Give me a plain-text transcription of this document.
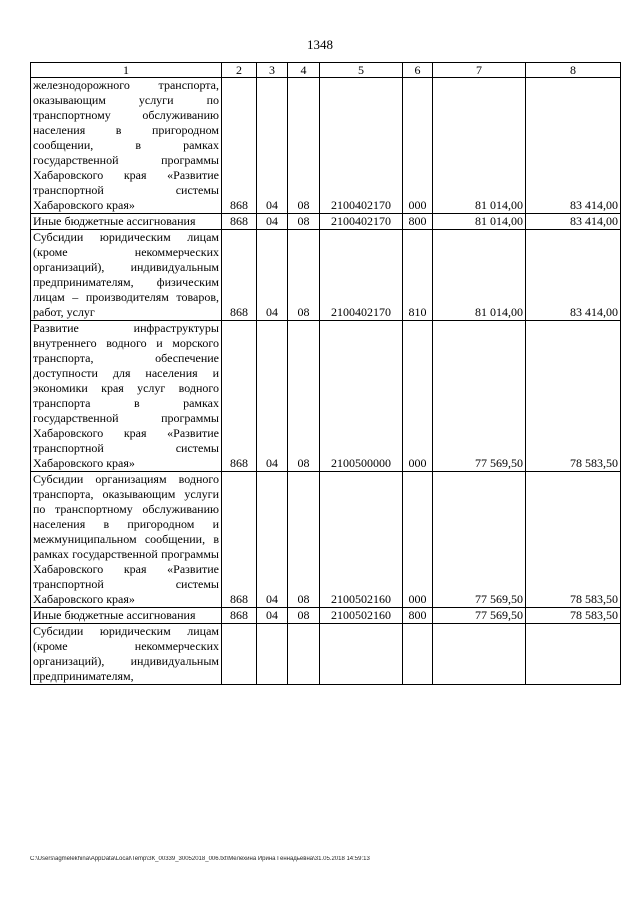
1348
1	2	3	4	5	6	7	8
железнодорожного транспорта, оказывающим услуги по транспортному обслуживанию населения в пригородном сообщении, в рамках государственной программы Хабаровского края «Развитие транспортной системы Хабаровского края»	868	04	08	2100402170	000	81 014,00	83 414,00
Иные бюджетные ассигнования	868	04	08	2100402170	800	81 014,00	83 414,00
Субсидии юридическим лицам (кроме некоммерческих организаций), индивидуальным предпринимателям, физическим лицам – производителям товаров, работ, услуг	868	04	08	2100402170	810	81 014,00	83 414,00
Развитие инфраструктуры внутреннего водного и морского транспорта, обеспечение доступности для населения и экономики края услуг водного транспорта в рамках государственной программы Хабаровского края «Развитие транспортной системы Хабаровского края»	868	04	08	2100500000	000	77 569,50	78 583,50
Субсидии организациям водного транспорта, оказывающим услуги по транспортному обслуживанию населения в пригородном и межмуниципальном сообщении, в рамках государственной программы Хабаровского края «Развитие транспортной системы Хабаровского края»	868	04	08	2100502160	000	77 569,50	78 583,50
Иные бюджетные ассигнования	868	04	08	2100502160	800	77 569,50	78 583,50
Субсидии юридическим лицам (кроме некоммерческих организаций), индивидуальным предпринимателям,							
C:\Users\agmelekhina\AppData\Local\Temp\ЗК_00339_30052018_006.txt\Мелехина Ирина Геннадьевна\31.05.2018 14:59:13
